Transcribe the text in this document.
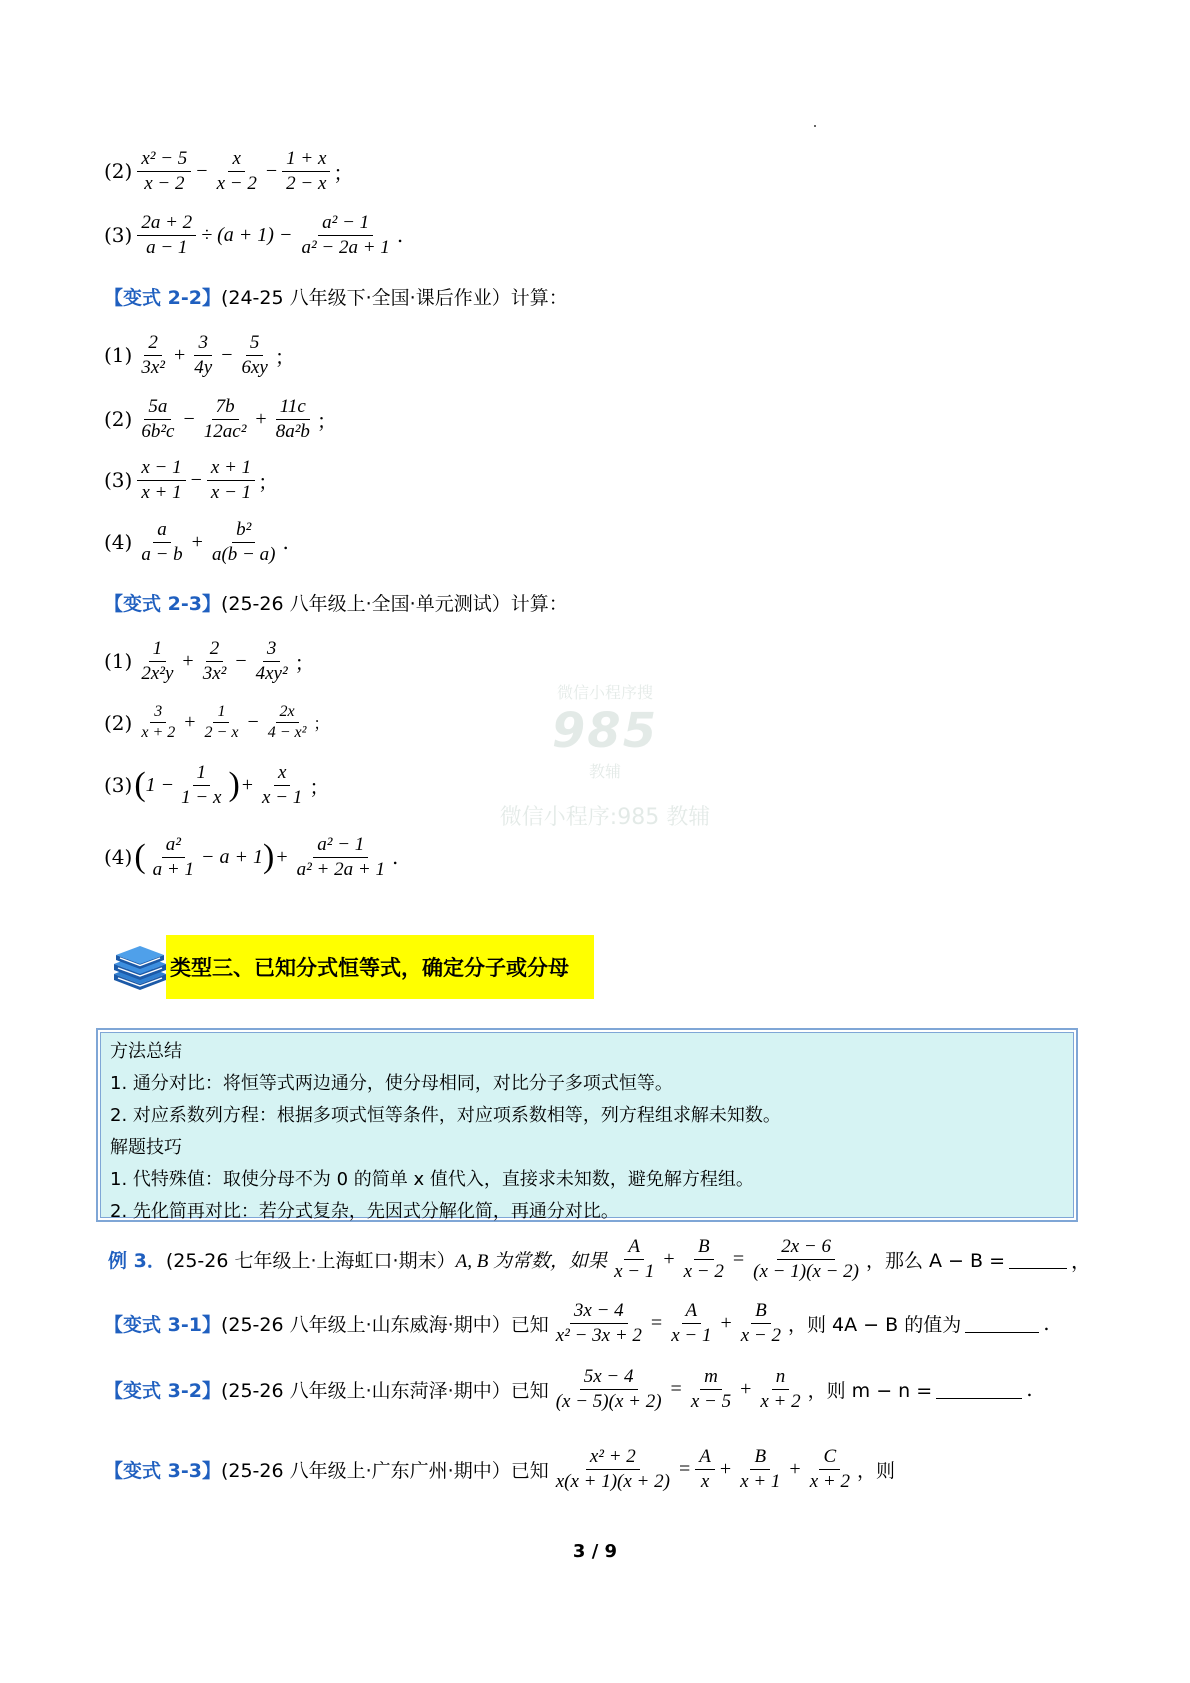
$(2) \frac{\text{x² − 5}}{x - 2} - \frac{x}{x - 2} - \frac{1 + x}{2 - x}$ ；
$(3) \frac{2a + 2}{a - 1} \div (a + 1) - \frac{\text{a² − 1}}{\text{a² − 2a + 1}}$ .
【变式 2-2】 (24-25 八年级下·全国·课后作业）计算：
$(1) \frac{2}{\text{3x²}} + \frac{3}{4y} - \frac{5}{6xy}$ ；
$(2) \frac{5a}{\text{6b²c}} - \frac{7b}{\text{12ac²}} + \frac{11c}{\text{8a²b}}$ ；
$(3) \frac{x - 1}{x + 1} - \frac{x + 1}{x - 1}$ ；
$(4) \frac{a}{a - b} + \frac{\text{b²}}{a(b - a)}$ .
【变式 2-3】 (25-26 八年级上·全国·单元测试）计算：
$(1) \frac{1}{\text{2x²y}} + \frac{2}{\text{3x²}} - \frac{3}{\text{4xy²}}$ ；
$(2) \frac{3}{x + 2} + \frac{1}{2 - x} - \frac{2x}{\text{4 − x²}}$ ；
(3) ( $1 - \frac{1}{1 - x}$ ) + $\frac{x}{x - 1}$ ；
(4) ( $\frac{\text{a²}}{a + 1} - a + 1$ ) + $\frac{\text{a² − 1}}{\text{a² + 2a + 1}}$ .
微信小程序搜
985
教辅
微信小程序:985 教辅
类型三、已知分式恒等式，确定分子或分母
方法总结
1. 通分对比：将恒等式两边通分，使分母相同，对比分子多项式恒等。
2. 对应系数列方程：根据多项式恒等条件，对应项系数相等，列方程组求解未知数。
解题技巧
1. 代特殊值：取使分母不为 0 的简单 x 值代入，直接求未知数，避免解方程组。
2. 先化简再对比：若分式复杂，先因式分解化简，再通分对比。
例 3． (25-26 七年级上·上海虹口·期末） A, B 为常数，如果 $\frac{A}{x - 1} + \frac{B}{x - 2} = \frac{2x - 6}{(x - 1)(x - 2)}$ ，那么 A − B =	，
【变式 3-1】 (25-26 八年级上·山东威海·期中）已知 $\frac{3x - 4}{\text{x² − 3x + 2}} = \frac{A}{x - 1} + \frac{B}{x - 2}$ ，则 4A − B 的值为	.
【变式 3-2】 (25-26 八年级上·山东菏泽·期中）已知 $\frac{5x - 4}{(x - 5)(x + 2)} = \frac{m}{x - 5} + \frac{n}{x + 2}$ ，则 m − n =	.
【变式 3-3】 (25-26 八年级上·广东广州·期中）已知 $\frac{\text{x² + 2}}{x(x + 1)(x + 2)} = \frac{A}{x} + \frac{B}{x + 1} + \frac{C}{x + 2}$ ，则
3 / 9
